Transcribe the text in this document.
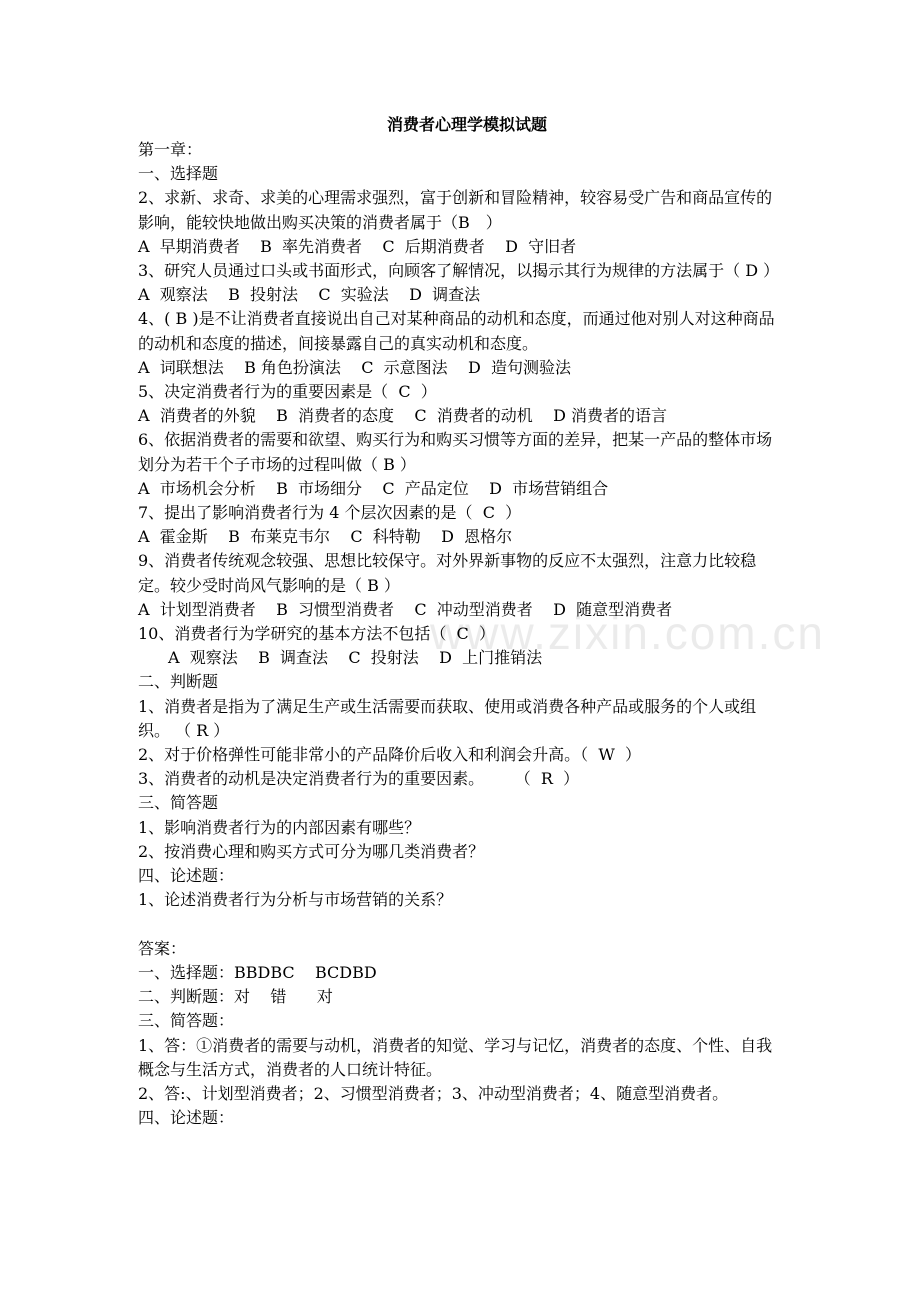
www.zixin.com.cn
消费者心理学模拟试题
第一章：
一、选择题
2、求新、求奇、求美的心理需求强烈，富于创新和冒险精神，较容易受广告和商品宣传的影响，能较快地做出购买决策的消费者属于（B　）
A  早期消费者    B  率先消费者    C  后期消费者    D  守旧者
3、研究人员通过口头或书面形式，向顾客了解情况，以揭示其行为规律的方法属于（ D ）
A  观察法    B  投射法    C  实验法    D  调查法
4、( B )是不让消费者直接说出自己对某种商品的动机和态度，而通过他对别人对这种商品的动机和态度的描述，间接暴露自己的真实动机和态度。
A  词联想法    B 角色扮演法    C  示意图法    D  造句测验法
5、决定消费者行为的重要因素是（  C  ）
A  消费者的外貌    B  消费者的态度    C  消费者的动机    D 消费者的语言
6、依据消费者的需要和欲望、购买行为和购买习惯等方面的差异，把某一产品的整体市场划分为若干个子市场的过程叫做（ B ）
A  市场机会分析    B  市场细分    C  产品定位    D  市场营销组合
7、提出了影响消费者行为 4 个层次因素的是（  C  ）
A  霍金斯    B  布莱克韦尔    C  科特勒    D  恩格尔
9、消费者传统观念较强、思想比较保守。对外界新事物的反应不太强烈，注意力比较稳定。较少受时尚风气影响的是（ B ）
A  计划型消费者    B  习惯型消费者    C  冲动型消费者    D  随意型消费者
10、消费者行为学研究的基本方法不包括（  C  ）
A  观察法    B  调查法    C  投射法    D  上门推销法
二、判断题
1、消费者是指为了满足生产或生活需要而获取、使用或消费各种产品或服务的个人或组织。 （ R ）
2、对于价格弹性可能非常小的产品降价后收入和利润会升高。（  W  ）
3、消费者的动机是决定消费者行为的重要因素。      （  R  ）
三、简答题
1、影响消费者行为的内部因素有哪些？
2、按消费心理和购买方式可分为哪几类消费者？
四、论述题：
1、论述消费者行为分析与市场营销的关系？
答案：
一、选择题：BBDBC    BCDBD
二、判断题：对    错      对
三、简答题：
1、答：①消费者的需要与动机，消费者的知觉、学习与记忆，消费者的态度、个性、自我概念与生活方式，消费者的人口统计特征。
2、答:、计划型消费者；2、习惯型消费者；3、冲动型消费者；4、随意型消费者。
四、论述题：
